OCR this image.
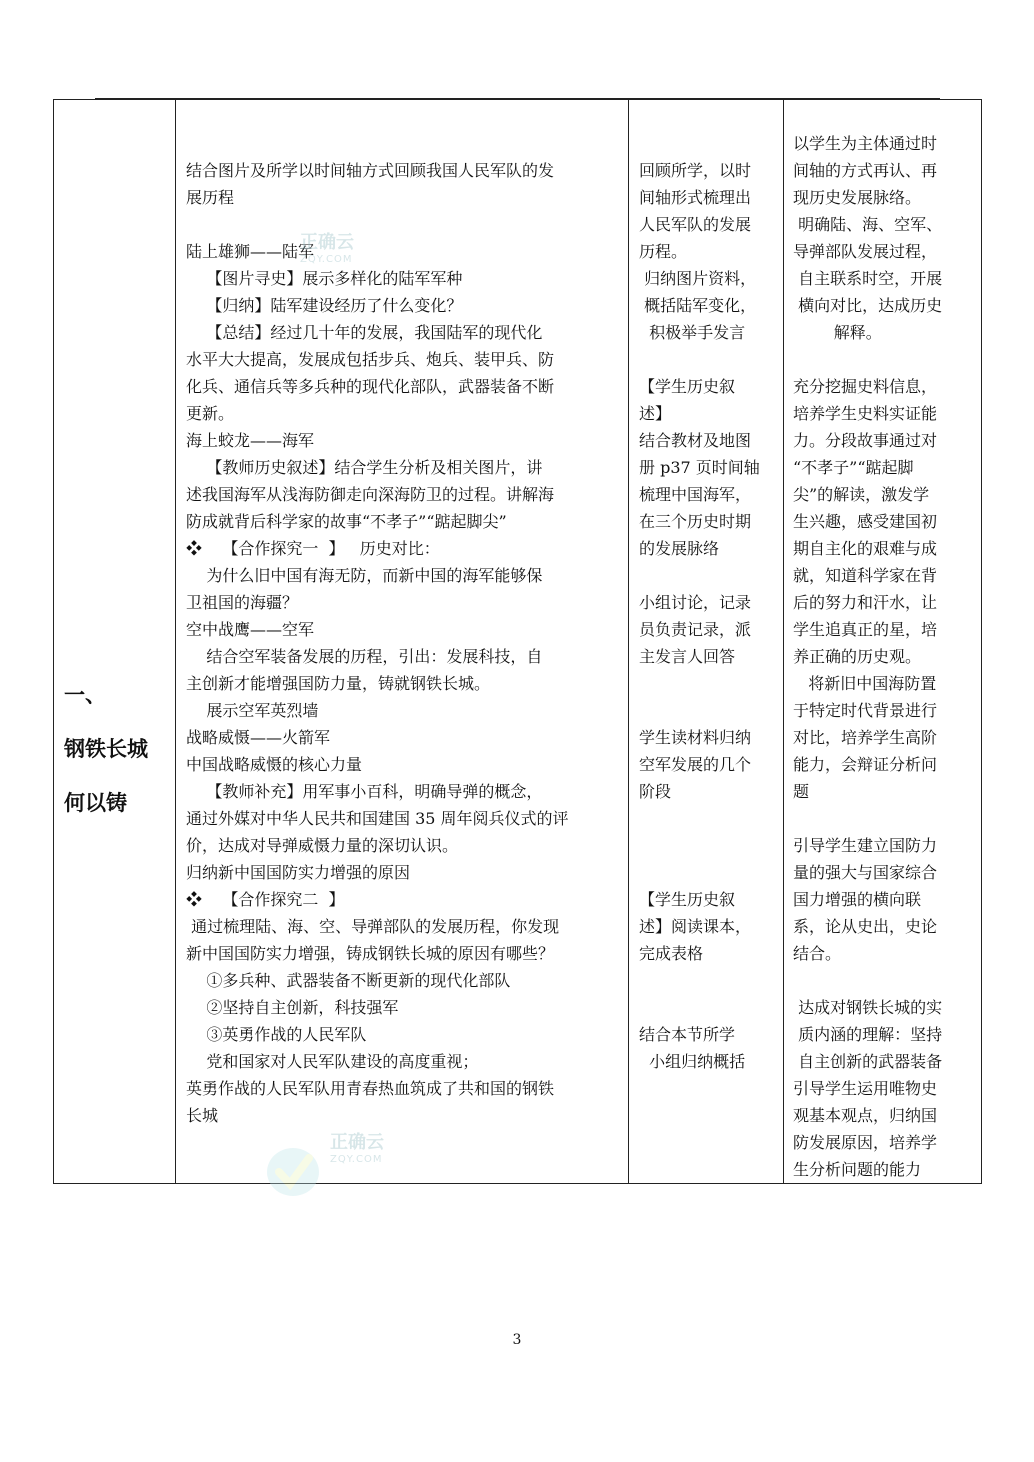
一、

钢铁长城

何以铸

结合图片及所学以时间轴方式回顾我国人民军队的发

展历程

陆上雄狮——陆军

【图片寻史】展示多样化的陆军军种

【归纳】陆军建设经历了什么变化？

【总结】经过几十年的发展，我国陆军的现代化

水平大大提高，发展成包括步兵、炮兵、装甲兵、防

化兵、通信兵等多兵种的现代化部队，武器装备不断

更新。

海上蛟龙——海军

【教师历史叙述】结合学生分析及相关图片，讲

述我国海军从浅海防御走向深海防卫的过程。讲解海

防成就背后科学家的故事“不孝子”“踮起脚尖”

❖    【合作探究一  】   历史对比：

为什么旧中国有海无防，而新中国的海军能够保

卫祖国的海疆？

空中战鹰——空军

结合空军装备发展的历程，引出：发展科技，自

主创新才能增强国防力量，铸就钢铁长城。

展示空军英烈墙

战略威慑——火箭军

中国战略威慑的核心力量

【教师补充】用军事小百科，明确导弹的概念，

通过外媒对中华人民共和国建国 35 周年阅兵仪式的评

价，达成对导弹威慑力量的深切认识。

归纳新中国国防实力增强的原因

❖    【合作探究二  】

通过梳理陆、海、空、导弹部队的发展历程，你发现

新中国国防实力增强，铸成钢铁长城的原因有哪些？

①多兵种、武器装备不断更新的现代化部队

②坚持自主创新，科技强军

③英勇作战的人民军队

党和国家对人民军队建设的高度重视；

英勇作战的人民军队用青春热血筑成了共和国的钢铁

长城

回顾所学，以时

间轴形式梳理出

人民军队的发展

历程。

归纳图片资料，

概括陆军变化，

积极举手发言

【学生历史叙

述】

结合教材及地图

册 p37 页时间轴

梳理中国海军，

在三个历史时期

的发展脉络

小组讨论，记录

员负责记录，派

主发言人回答

学生读材料归纳

空军发展的几个

阶段

【学生历史叙

述】阅读课本，

完成表格

结合本节所学

小组归纳概括

以学生为主体通过时

间轴的方式再认、再

现历史发展脉络。

明确陆、海、空军、

导弹部队发展过程，

自主联系时空，开展

横向对比，达成历史

解释。

充分挖掘史料信息，

培养学生史料实证能

力。分段故事通过对

“不孝子”“踮起脚

尖”的解读，激发学

生兴趣，感受建国初

期自主化的艰难与成

就，知道科学家在背

后的努力和汗水，让

学生追真正的星，培

养正确的历史观。

将新旧中国海防置

于特定时代背景进行

对比，培养学生高阶

能力，会辩证分析问

题

引导学生建立国防力

量的强大与国家综合

国力增强的横向联

系，论从史出，史论

结合。

达成对钢铁长城的实

质内涵的理解：坚持

自主创新的武器装备

引导学生运用唯物史

观基本观点，归纳国

防发展原因，培养学

生分析问题的能力

正确云
ZQY.COM
正确云
ZQY.COM
3
